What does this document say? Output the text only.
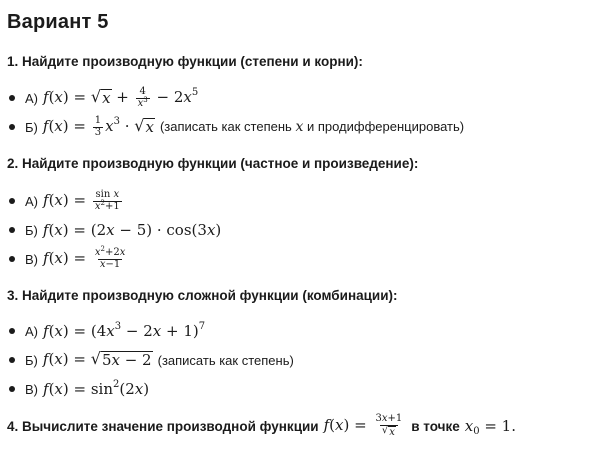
Вариант 5
1. Найдите производную функции (степени и корни):
А) f(x) = √ $x + \frac{4}{x^3} - 2x^5$
Б) $f(x) = \frac{1}{3} x^3$ · √ x (записать как степень x и продифференцировать)
2. Найдите производную функции (частное и произведение):
А) $f(x) = \frac{\text{sin x}}{x^2+1}$
Б) f(x) = (2x − 5) · cos(3x)
В) $f(x) = \frac{x^2+2x}{x-1}$
3. Найдите производную сложной функции (комбинации):
А) $f(x) = (4x^3 - 2x + 1)^7$
Б) f(x) = √ 5x − 2 (записать как степень)
В) $f(x) = \sin^2(2x)$
4. Вычислите значение производной функции $f(x) = \frac{3x+1}{√ x}$ в точке $x_0 = 1$.
